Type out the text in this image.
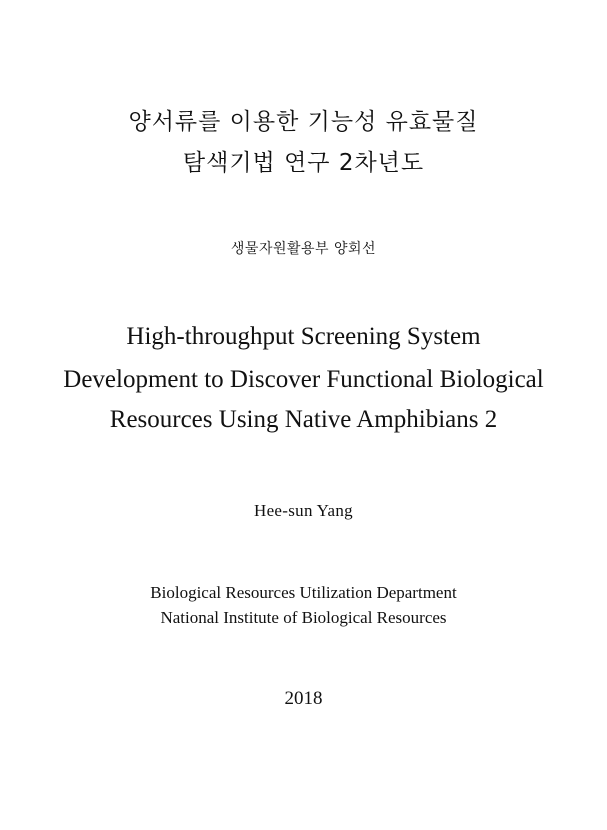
양서류를 이용한 기능성 유효물질
탐색기법 연구 2차년도
생물자원활용부 양회선
High-throughput Screening System
Development to Discover Functional Biological
Resources Using Native Amphibians 2
Hee-sun Yang
Biological Resources Utilization Department
National Institute of Biological Resources
2018
